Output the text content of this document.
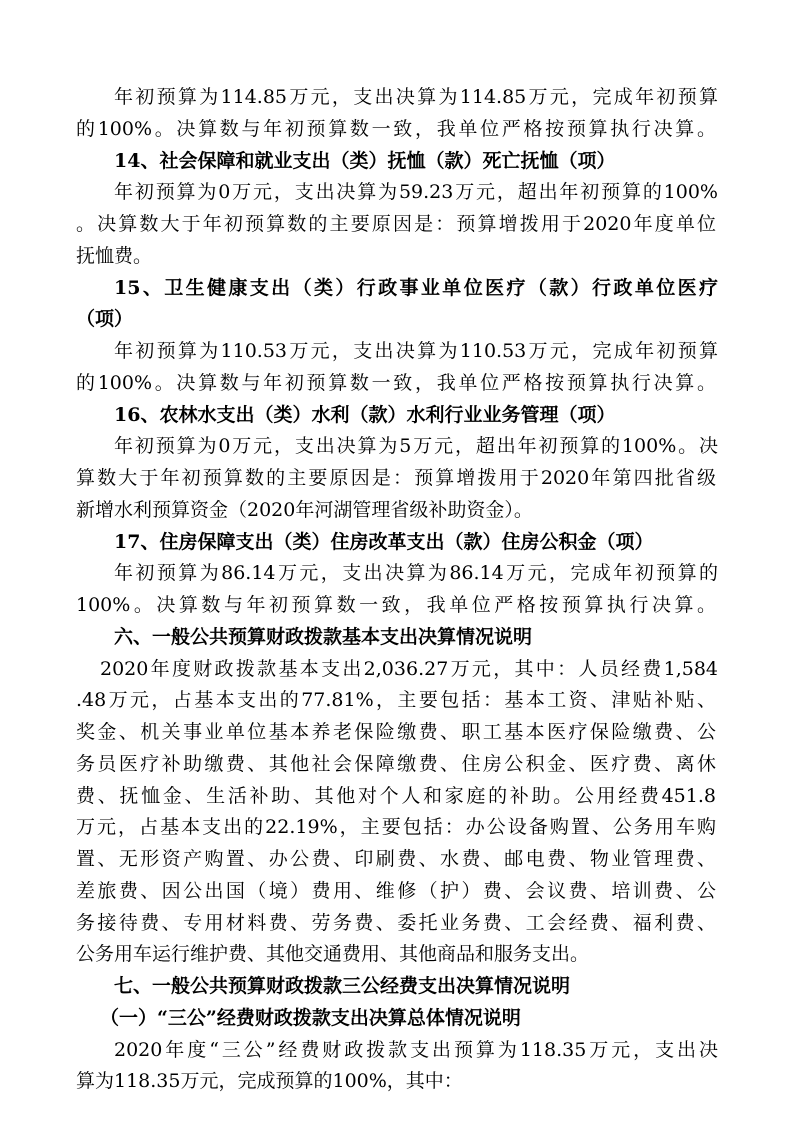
年初预算为114.85万元，支出决算为114.85万元，完成年初预算
的100%。决算数与年初预算数一致，我单位严格按预算执行决算。
14、社会保障和就业支出（类）抚恤（款）死亡抚恤（项）
年初预算为0万元，支出决算为59.23万元，超出年初预算的100%
。决算数大于年初预算数的主要原因是：预算增拨用于2020年度单位
抚恤费。
15、卫生健康支出（类）行政事业单位医疗（款）行政单位医疗
（项）
年初预算为110.53万元，支出决算为110.53万元，完成年初预算
的100%。决算数与年初预算数一致，我单位严格按预算执行决算。
16、农林水支出（类）水利（款）水利行业业务管理（项）
年初预算为0万元，支出决算为5万元，超出年初预算的100%。决
算数大于年初预算数的主要原因是：预算增拨用于2020年第四批省级
新增水利预算资金（2020年河湖管理省级补助资金）。
17、住房保障支出（类）住房改革支出（款）住房公积金（项）
年初预算为86.14万元，支出决算为86.14万元，完成年初预算的
100%。决算数与年初预算数一致，我单位严格按预算执行决算。
六、一般公共预算财政拨款基本支出决算情况说明
2020年度财政拨款基本支出2,036.27万元，其中：人员经费1,584
.48万元，占基本支出的77.81%，主要包括：基本工资、津贴补贴、
奖金、机关事业单位基本养老保险缴费、职工基本医疗保险缴费、公
务员医疗补助缴费、其他社会保障缴费、住房公积金、医疗费、离休
费、抚恤金、生活补助、其他对个人和家庭的补助。公用经费451.8
万元，占基本支出的22.19%，主要包括：办公设备购置、公务用车购
置、无形资产购置、办公费、印刷费、水费、邮电费、物业管理费、
差旅费、因公出国（境）费用、维修（护）费、会议费、培训费、公
务接待费、专用材料费、劳务费、委托业务费、工会经费、福利费、
公务用车运行维护费、其他交通费用、其他商品和服务支出。
七、一般公共预算财政拨款三公经费支出决算情况说明
（一）“三公”经费财政拨款支出决算总体情况说明
2020年度“三公”经费财政拨款支出预算为118.35万元，支出决
算为118.35万元，完成预算的100%，其中：
